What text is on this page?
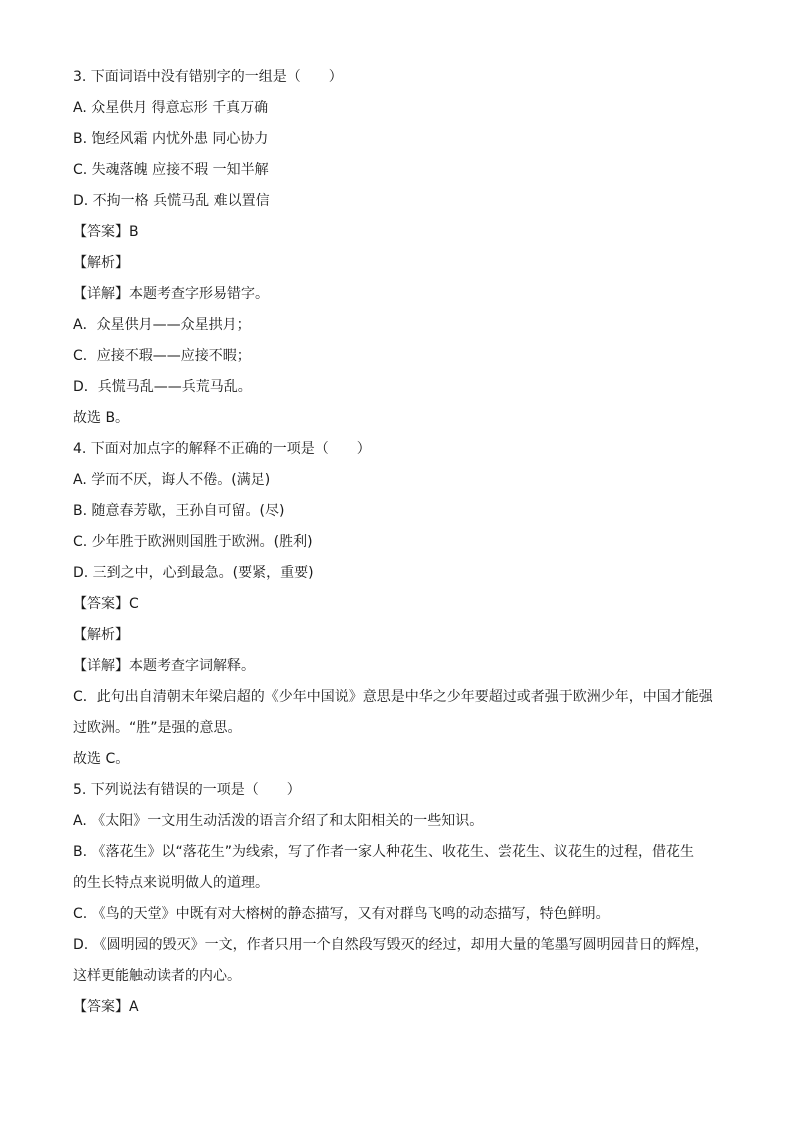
3. 下面词语中没有错别字的一组是（　　）
A. 众星供月 得意忘形 千真万确
B. 饱经风霜 内忧外患 同心协力
C. 失魂落魄 应接不瑕 一知半解
D. 不拘一格 兵慌马乱 难以置信
【答案】B
【解析】
【详解】本题考查字形易错字。
A．众星供月——众星拱月；
C．应接不瑕——应接不暇；
D．兵慌马乱——兵荒马乱。
故选 B。
4. 下面对加点字的解释不正确的一项是（　　）
A. 学而不厌，诲人不倦。(满足)
B. 随意春芳歇，王孙自可留。(尽)
C. 少年胜于欧洲则国胜于欧洲。(胜利)
D. 三到之中，心到最急。(要紧，重要)
【答案】C
【解析】
【详解】本题考查字词解释。
C．此句出自清朝末年梁启超的《少年中国说》意思是中华之少年要超过或者强于欧洲少年，中国才能强
过欧洲。“胜”是强的意思。
故选 C。
5. 下列说法有错误的一项是（　　）
A. 《太阳》一文用生动活泼的语言介绍了和太阳相关的一些知识。
B. 《落花生》以“落花生”为线索，写了作者一家人种花生、收花生、尝花生、议花生的过程，借花生
的生长特点来说明做人的道理。
C. 《鸟的天堂》中既有对大榕树的静态描写，又有对群鸟飞鸣的动态描写，特色鲜明。
D. 《圆明园的毁灭》一文，作者只用一个自然段写毁灭的经过，却用大量的笔墨写圆明园昔日的辉煌，
这样更能触动读者的内心。
【答案】A
